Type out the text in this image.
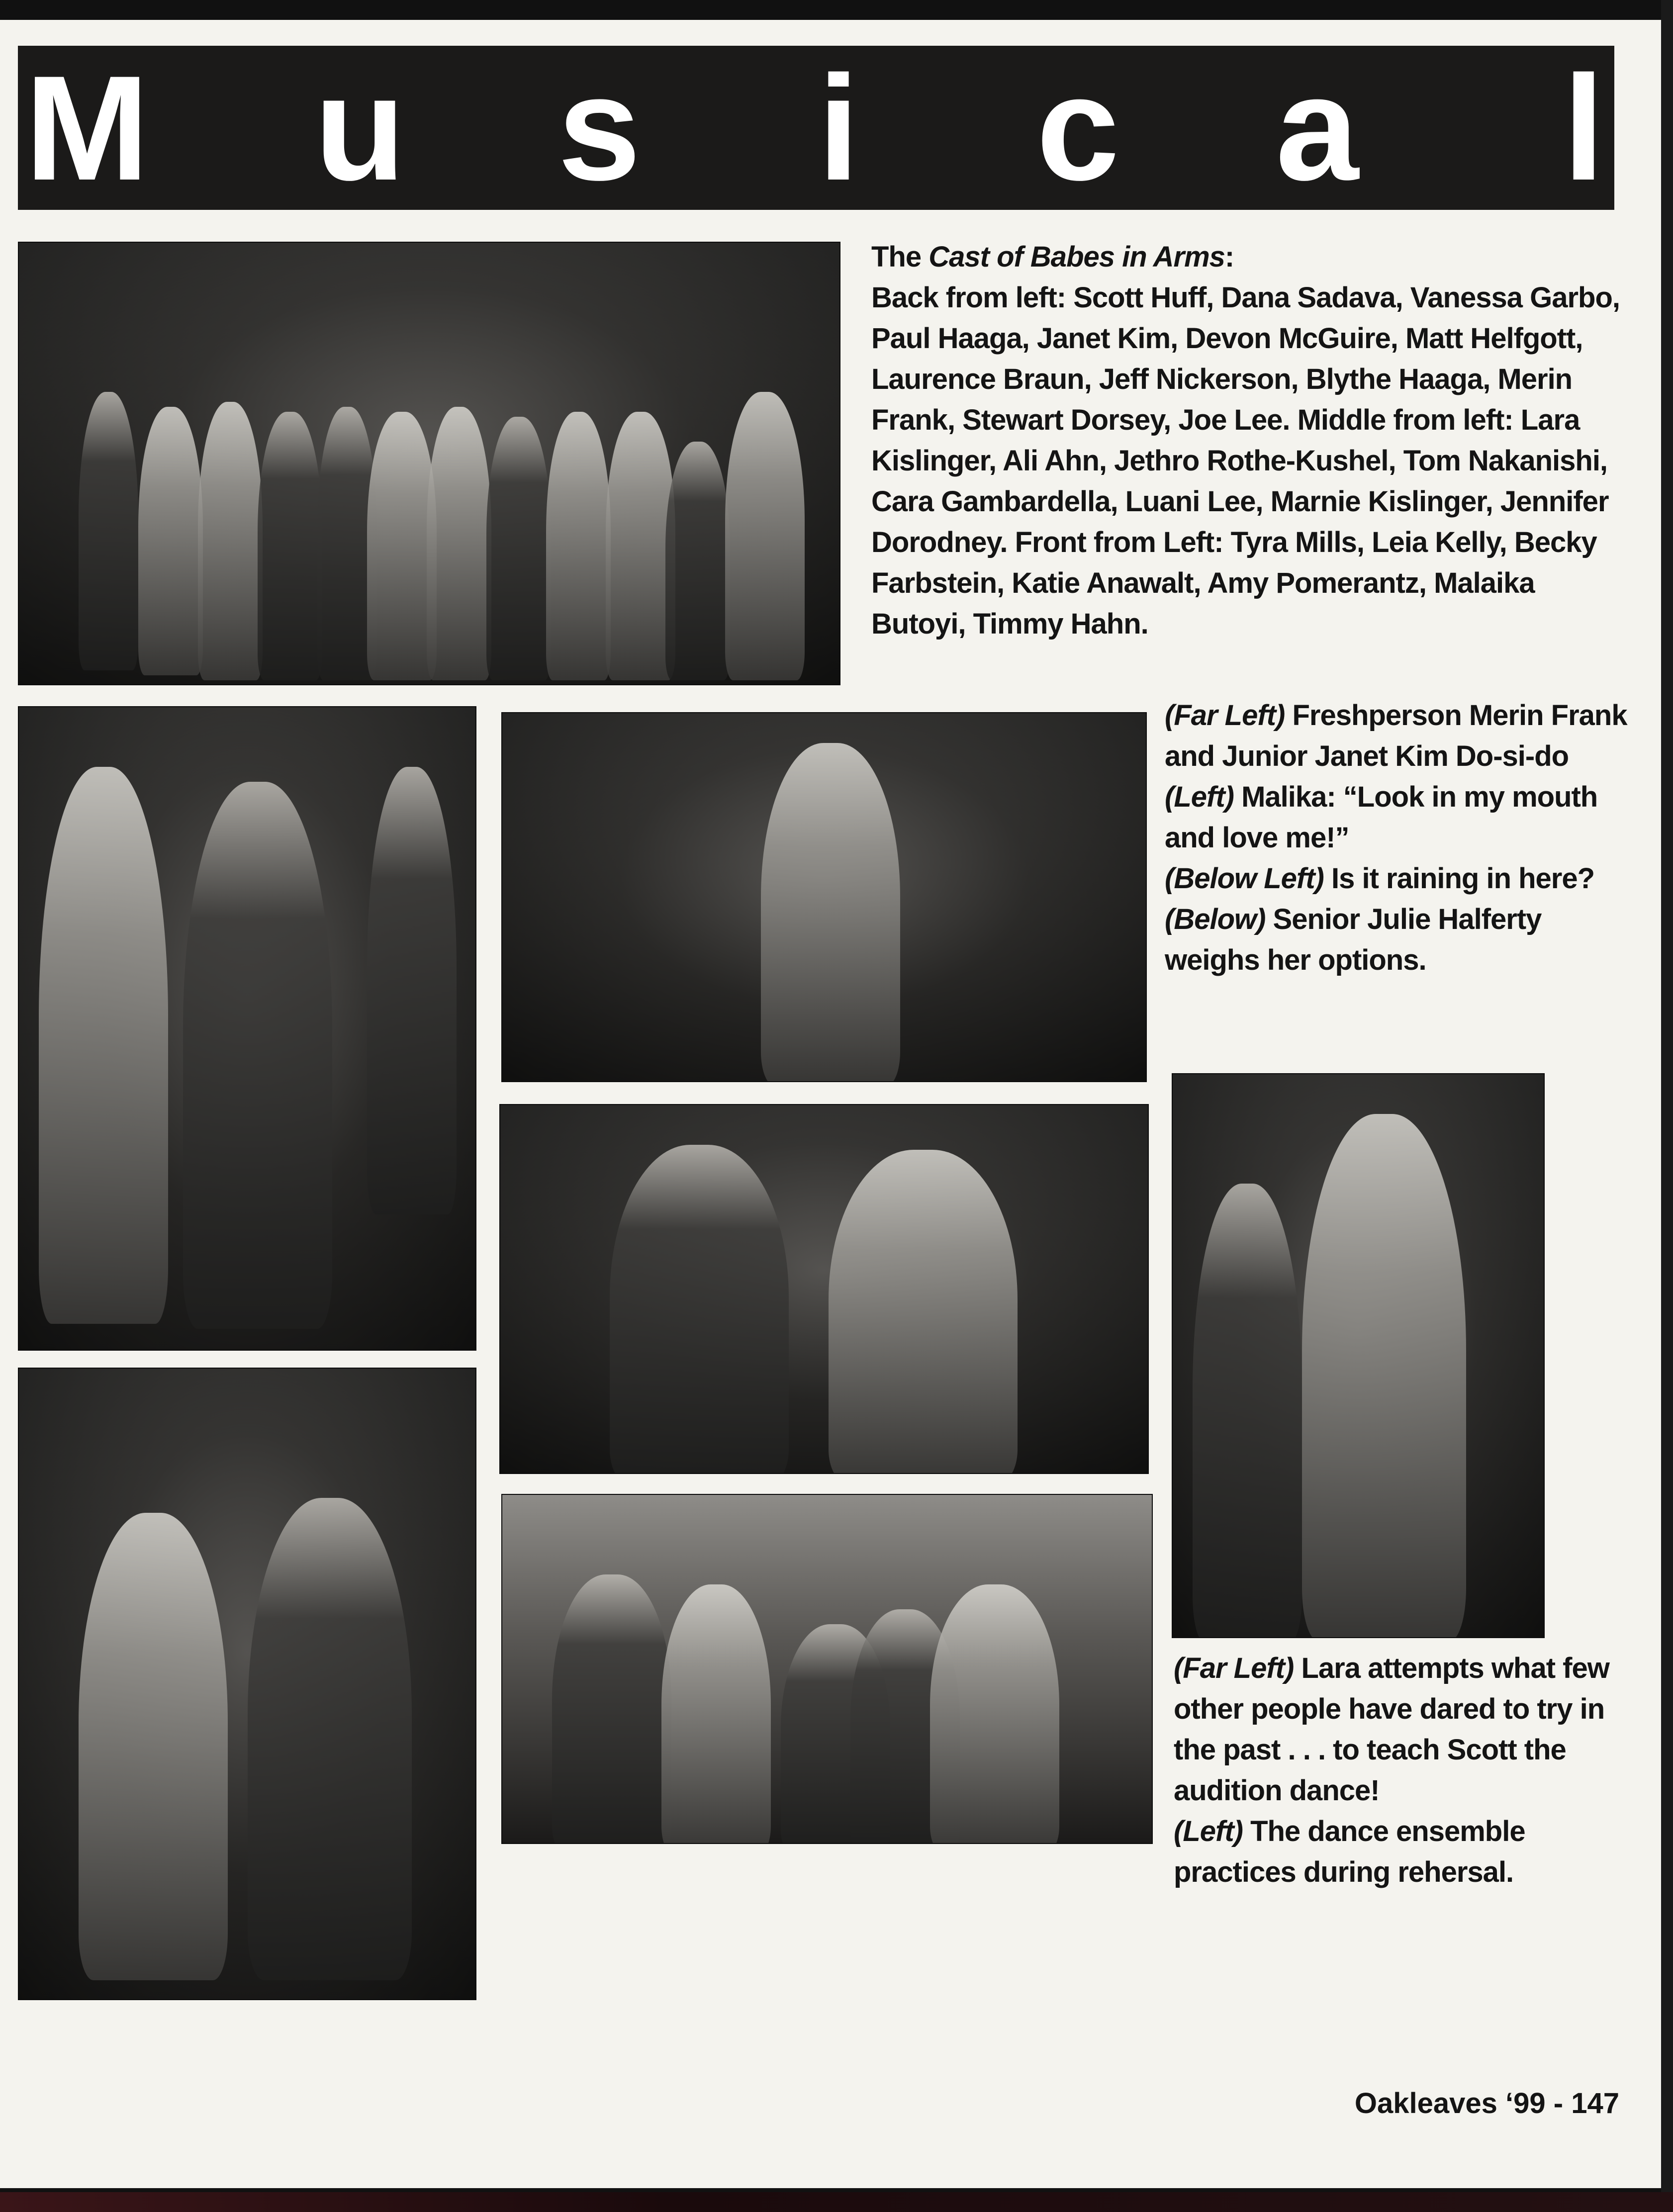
M	u	s	i	c	a	l

The Cast of Babes in Arms:

Back from left: Scott Huff, Dana Sadava, Vanessa Garbo, Paul Haaga, Janet Kim, Devon McGuire, Matt Helfgott, Laurence Braun, Jeff Nickerson, Blythe Haaga, Merin Frank, Stewart Dorsey, Joe Lee. Middle from left: Lara Kislinger, Ali Ahn, Jethro Rothe-Kushel, Tom Nakanishi, Cara Gambardella, Luani Lee, Marnie Kislinger, Jennifer Dorodney. Front from Left: Tyra Mills, Leia Kelly, Becky Farbstein, Katie Anawalt, Amy Pomerantz, Malaika Butoyi, Timmy Hahn.

(Far Left) Freshperson Merin Frank and Junior Janet Kim Do-si-do

(Left) Malika: “Look in my mouth and love me!”

(Below Left) Is it raining in here?

(Below) Senior Julie Halferty weighs her options.

(Far Left) Lara attempts what few other people have dared to try in the past . . . to teach Scott the audition dance!

(Left) The dance ensemble practices during rehersal.

Oakleaves ‘99 - 147
